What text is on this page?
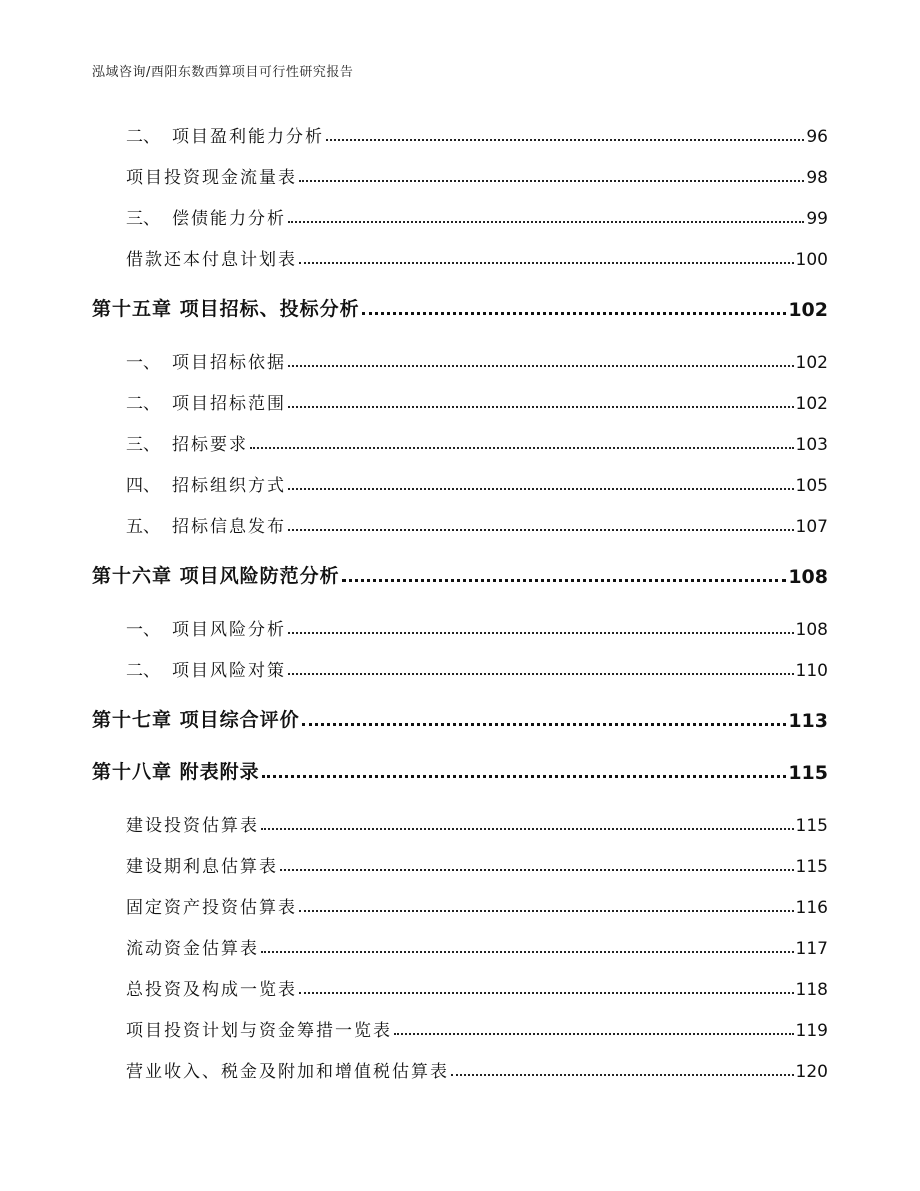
泓域咨询/酉阳东数西算项目可行性研究报告
二、 项目盈利能力分析	96
项目投资现金流量表	98
三、 偿债能力分析	99
借款还本付息计划表	100
第十五章 项目招标、投标分析	102
一、 项目招标依据	102
二、 项目招标范围	102
三、 招标要求	103
四、 招标组织方式	105
五、 招标信息发布	107
第十六章 项目风险防范分析	108
一、 项目风险分析	108
二、 项目风险对策	110
第十七章 项目综合评价	113
第十八章 附表附录	115
建设投资估算表	115
建设期利息估算表	115
固定资产投资估算表	116
流动资金估算表	117
总投资及构成一览表	118
项目投资计划与资金筹措一览表	119
营业收入、税金及附加和增值税估算表	120
